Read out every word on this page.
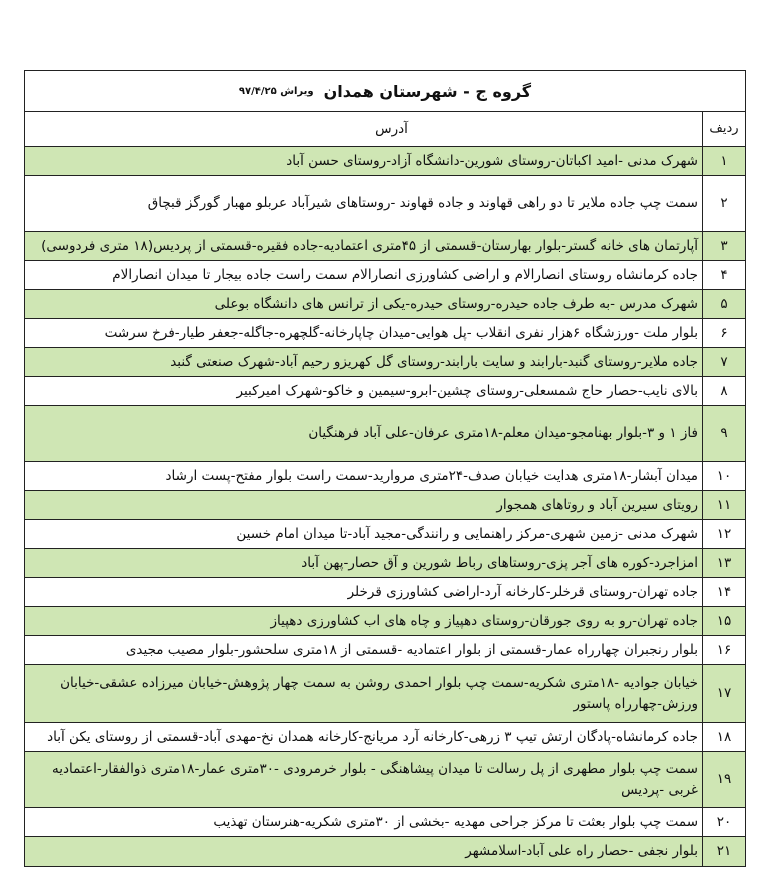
گروه ج - شهرستان همدان
ویراش ۹۷/۴/۲۵
ردیف	آدرس
۱	شهرک مدنی -امید اکباتان-روستای شورین-دانشگاه آزاد-روستای حسن آباد
۲	سمت چپ جاده ملایر تا دو راهی قهاوند و جاده قهاوند -روستاهای شیرآباد عربلو مهبار گورگز قبچاق
۳	آپارتمان های خانه گستر-بلوار بهارستان-قسمتی از ۴۵متری اعتمادیه-جاده فقیره-قسمتی از پردیس(۱۸ متری فردوسی)
۴	جاده کرمانشاه روستای انصارالام و اراضی کشاورزی انصارالام سمت راست جاده بیجار تا میدان انصارالام
۵	شهرک مدرس -به طرف جاده حیدره-روستای حیدره-یکی از ترانس های دانشگاه بوعلی
۶	بلوار ملت -ورزشگاه ۶هزار نفری انقلاب -پل هوایی-میدان چاپارخانه-گلچهره-جاگله-جعفر طیار-فرخ سرشت
۷	جاده ملایر-روستای گنبد-بارابند و سایت بارابند-روستای گل کهریزو رحیم آباد-شهرک صنعتی گنبد
۸	بالای نایب-حصار حاج شمسعلی-روستای چشین-ابرو-سیمین و خاکو-شهرک امیرکبیر
۹	فاز ۱ و ۳-بلوار بهنامجو-میدان معلم-۱۸متری عرفان-علی آباد فرهنگیان
۱۰	میدان آبشار-۱۸متری هدایت خیابان صدف-۲۴متری مروارید-سمت راست بلوار مفتح-پست ارشاد
۱۱	رویتای سیرین آباد و روتاهای همجوار
۱۲	شهرک مدنی -زمین شهری-مرکز راهنمایی و رانندگی-مجید آباد-تا میدان امام خسین
۱۳	امزاجرد-کوره های آجر پزی-روستاهای رباط شورین و آق حصار-پهن آباد
۱۴	جاده تهران-روستای قرخلر-کارخانه آرد-اراضی کشاورزی قرخلر
۱۵	جاده تهران-رو به روی جورقان-روستای دهپیاز و چاه های اب کشاورزی دهپیاز
۱۶	بلوار رنجبران چهارراه عمار-قسمتی از بلوار اعتمادیه -قسمتی از ۱۸متری سلحشور-بلوار مصیب مجیدی
۱۷	خیابان جوادیه -۱۸متری شکریه-سمت چپ بلوار احمدی روشن به سمت چهار پژوهش-خیابان میرزاده عشقی-خیابان ورزش-چهارراه پاستور
۱۸	جاده کرمانشاه-پادگان ارتش تیپ ۳ زرهی-کارخانه آرد مریانج-کارخانه همدان نخ-مهدی آباد-قسمتی از روستای یکن آباد
۱۹	سمت چپ بلوار مطهری از پل رسالت تا میدان پیشاهنگی - بلوار خرمرودی -۳۰متری عمار-۱۸متری ذوالفقار-اعتمادیه غربی -پردیس
۲۰	سمت چپ بلوار بعثت تا مرکز جراحی مهدیه -بخشی از ۳۰متری شکریه-هنرستان تهذیب
۲۱	بلوار نجفی -حصار راه علی آباد-اسلامشهر
